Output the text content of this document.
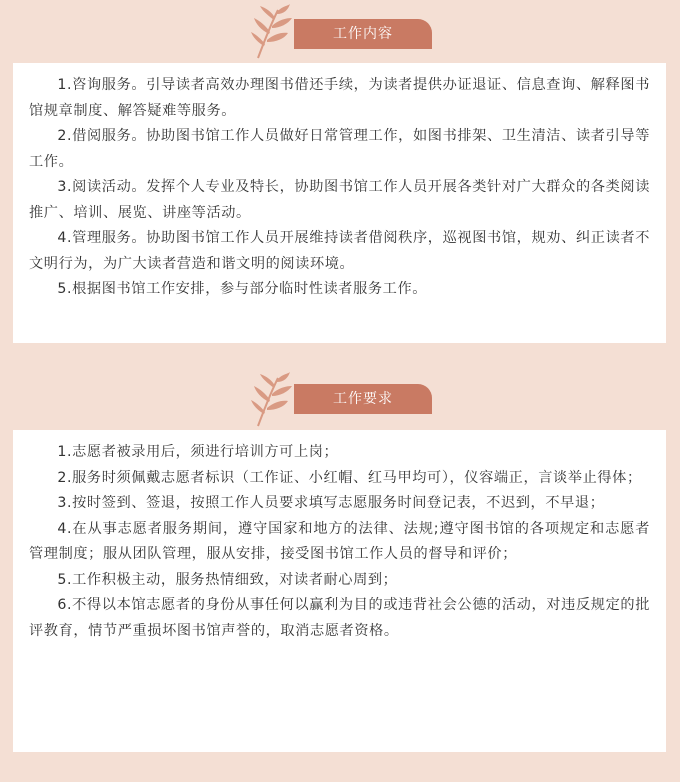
工作内容

1.咨询服务。引导读者高效办理图书借还手续，为读者提供办证退证、信息查询、解释图书馆规章制度、解答疑难等服务。

2.借阅服务。协助图书馆工作人员做好日常管理工作，如图书排架、卫生清洁、读者引导等工作。

3.阅读活动。发挥个人专业及特长，协助图书馆工作人员开展各类针对广大群众的各类阅读推广、培训、展览、讲座等活动。

4.管理服务。协助图书馆工作人员开展维持读者借阅秩序，巡视图书馆，规劝、纠正读者不文明行为，为广大读者营造和谐文明的阅读环境。

5.根据图书馆工作安排，参与部分临时性读者服务工作。

工作要求

1.志愿者被录用后，须进行培训方可上岗；

2.服务时须佩戴志愿者标识（工作证、小红帽、红马甲均可），仪容端正，言谈举止得体；

3.按时签到、签退，按照工作人员要求填写志愿服务时间登记表，不迟到，不早退；

4.在从事志愿者服务期间，遵守国家和地方的法律、法规;遵守图书馆的各项规定和志愿者管理制度；服从团队管理，服从安排，接受图书馆工作人员的督导和评价；

5.工作积极主动，服务热情细致，对读者耐心周到；

6.不得以本馆志愿者的身份从事任何以赢利为目的或违背社会公德的活动，对违反规定的批评教育，情节严重损坏图书馆声誉的，取消志愿者资格。
